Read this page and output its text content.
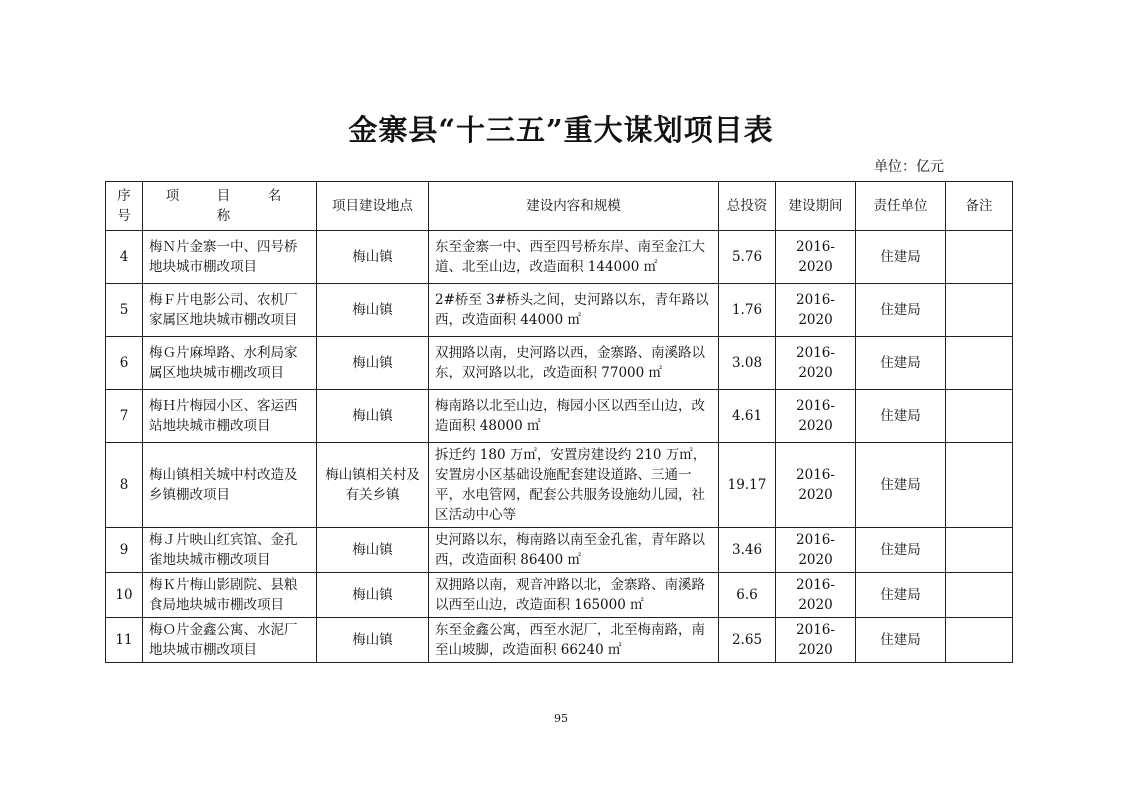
金寨县“十三五”重大谋划项目表
单位：亿元
序号	项　目　名　称	项目建设地点	建设内容和规模	总投资	建设期间	责任单位	备注
4	梅Ｎ片金寨一中、四号桥地块城市棚改项目	梅山镇	东至金寨一中、西至四号桥东岸、南至金江大道、北至山边，改造面积 144000 ㎡	5.76	2016-2020	住建局	
5	梅Ｆ片电影公司、农机厂家属区地块城市棚改项目	梅山镇	2#桥至 3#桥头之间，史河路以东，青年路以西，改造面积 44000 ㎡	1.76	2016-2020	住建局	
6	梅Ｇ片麻埠路、水利局家属区地块城市棚改项目	梅山镇	双拥路以南，史河路以西，金寨路、南溪路以东，双河路以北，改造面积 77000 ㎡	3.08	2016-2020	住建局	
7	梅Ｈ片梅园小区、客运西站地块城市棚改项目	梅山镇	梅南路以北至山边，梅园小区以西至山边，改造面积 48000 ㎡	4.61	2016-2020	住建局	
8	梅山镇相关城中村改造及乡镇棚改项目	梅山镇相关村及有关乡镇	拆迁约 180 万㎡，安置房建设约 210 万㎡，安置房小区基础设施配套建设道路、三通一平，水电管网，配套公共服务设施幼儿园，社区活动中心等	19.17	2016-2020	住建局	
9	梅Ｊ片映山红宾馆、金孔雀地块城市棚改项目	梅山镇	史河路以东，梅南路以南至金孔雀，青年路以西，改造面积 86400 ㎡	3.46	2016-2020	住建局	
10	梅Ｋ片梅山影剧院、县粮食局地块城市棚改项目	梅山镇	双拥路以南，观音冲路以北，金寨路、南溪路以西至山边，改造面积 165000 ㎡	6.6	2016-2020	住建局	
11	梅Ｏ片金鑫公寓、水泥厂地块城市棚改项目	梅山镇	东至金鑫公寓，西至水泥厂，北至梅南路，南至山坡脚，改造面积 66240 ㎡	2.65	2016-2020	住建局	
95
